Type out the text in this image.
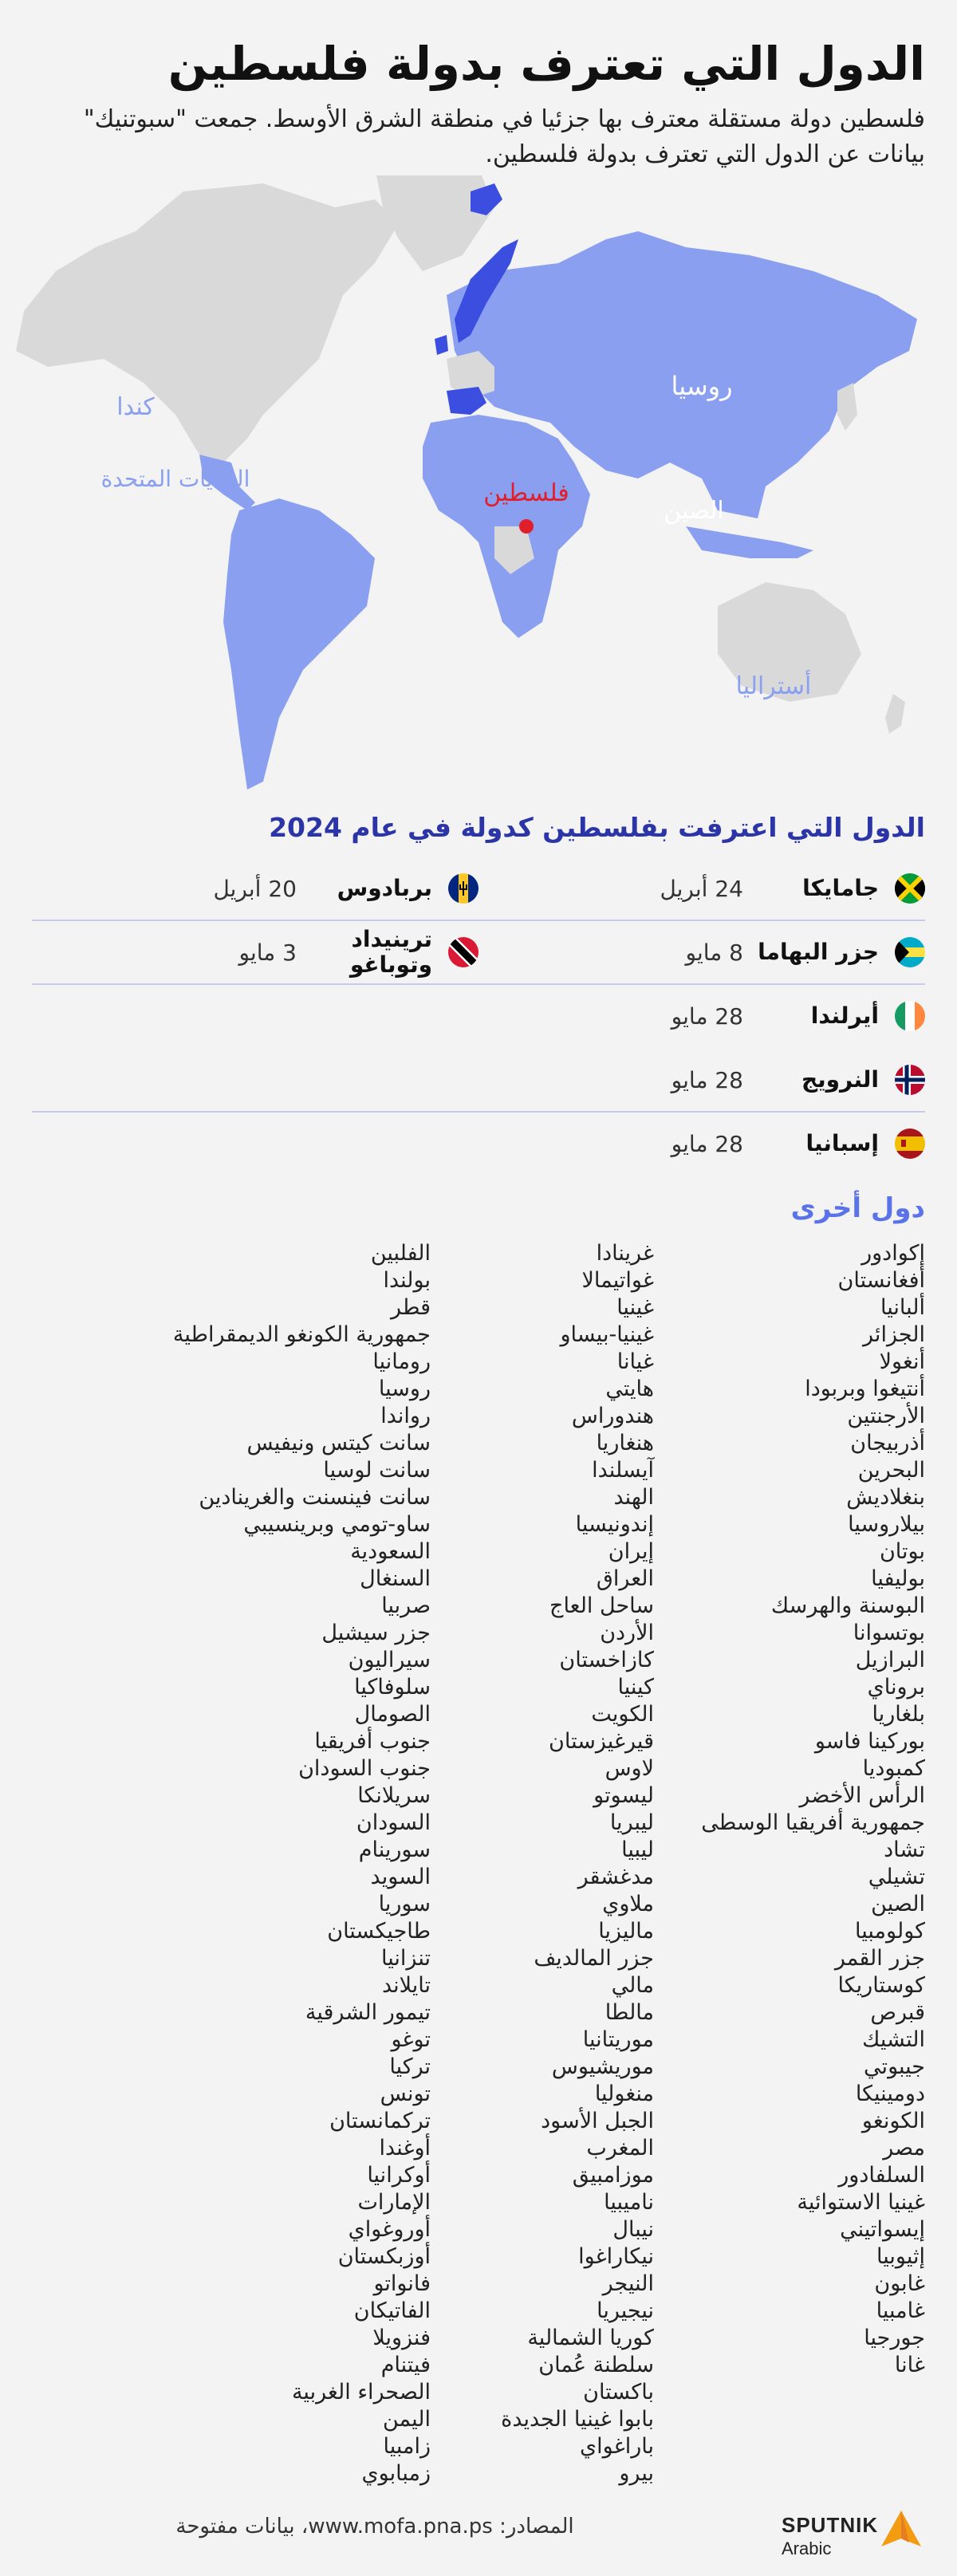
الدول التي تعترف بدولة فلسطين
فلسطين دولة مستقلة معترف بها جزئيا في منطقة الشرق الأوسط. جمعت "سبوتنيك" بيانات عن الدول التي تعترف بدولة فلسطين.
كندا
الولايات المتحدة
روسيا
الصين
أستراليا
فلسطين
الدول التي اعترفت بفلسطين كدولة في عام 2024
جامايكا
24 أبريل
بربادوس
20 أبريل
جزر البهاما
8 مايو
ترينيداد وتوباغو
3 مايو
أيرلندا
28 مايو
النرويج
28 مايو
إسبانيا
28 مايو
دول أخرى
إكوادور
أفغانستان
ألبانيا
الجزائر
أنغولا
أنتيغوا وبربودا
الأرجنتين
أذربيجان
البحرين
بنغلاديش
بيلاروسيا
بوتان
بوليفيا
البوسنة والهرسك
بوتسوانا
البرازيل
بروناي
بلغاريا
بوركينا فاسو
كمبوديا
الرأس الأخضر
جمهورية أفريقيا الوسطى
تشاد
تشيلي
الصين
كولومبيا
جزر القمر
كوستاريكا
قبرص
التشيك
جيبوتي
دومينيكا
الكونغو
مصر
السلفادور
غينيا الاستوائية
إيسواتيني
إثيوبيا
غابون
غامبيا
جورجيا
غانا
غرينادا
غواتيمالا
غينيا
غينيا-بيساو
غيانا
هايتي
هندوراس
هنغاريا
آيسلندا
الهند
إندونيسيا
إيران
العراق
ساحل العاج
الأردن
كازاخستان
كينيا
الكويت
قيرغيزستان
لاوس
ليسوتو
ليبريا
ليبيا
مدغشقر
ملاوي
ماليزيا
جزر المالديف
مالي
مالطا
موريتانيا
موريشيوس
منغوليا
الجبل الأسود
المغرب
موزامبيق
ناميبيا
نيبال
نيكاراغوا
النيجر
نيجيريا
كوريا الشمالية
سلطنة عُمان
باكستان
بابوا غينيا الجديدة
باراغواي
بيرو
الفلبين
بولندا
قطر
جمهورية الكونغو الديمقراطية
رومانيا
روسيا
رواندا
سانت كيتس ونيفيس
سانت لوسيا
سانت فينسنت والغرينادين
ساو-تومي وبرينسيبي
السعودية
السنغال
صربيا
جزر سيشيل
سيراليون
سلوفاكيا
الصومال
جنوب أفريقيا
جنوب السودان
سريلانكا
السودان
سورينام
السويد
سوريا
طاجيكستان
تنزانيا
تايلاند
تيمور الشرقية
توغو
تركيا
تونس
تركمانستان
أوغندا
أوكرانيا
الإمارات
أوروغواي
أوزبكستان
فانواتو
الفاتيكان
فنزويلا
فيتنام
الصحراء الغربية
اليمن
زامبيا
زمبابوي
SPUTNIK
Arabic
المصادر: www.mofa.pna.ps، بيانات مفتوحة
